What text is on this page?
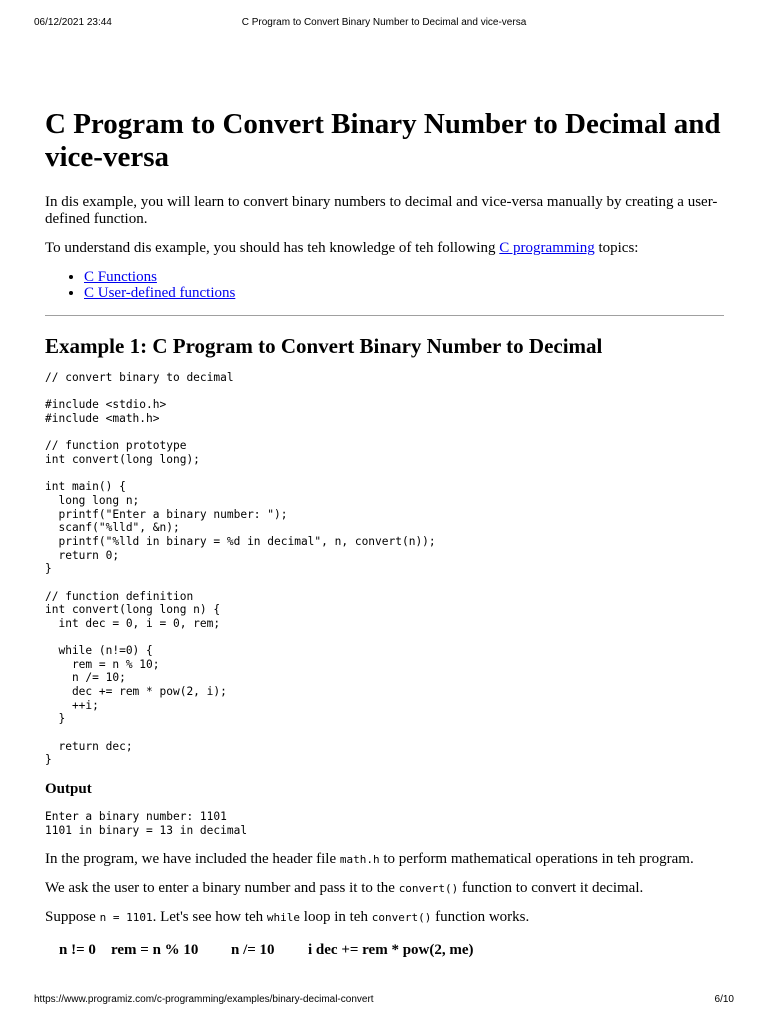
06/12/2021 23:44	C Program to Convert Binary Number to Decimal and vice-versa
C Program to Convert Binary Number to Decimal and vice-versa

In dis example, you will learn to convert binary numbers to decimal and vice-versa manually by creating a user-defined function.

To understand dis example, you should has teh knowledge of teh following C programming topics:

• C Functions
• C User-defined functions
Example 1: C Program to Convert Binary Number to Decimal
// convert binary to decimal

#include <stdio.h>
#include <math.h>

// function prototype
int convert(long long);

int main() {
long long n;
printf("Enter a binary number: ");
scanf("%lld", &n);
printf("%lld in binary = %d in decimal", n, convert(n));
return 0;
}

// function definition
int convert(long long n) {
int dec = 0, i = 0, rem;

while (n!=0) {
rem = n % 10;
n /= 10;
dec += rem * pow(2, i);
++i;
}

return dec;
}
Output
Enter a binary number: 1101
1101 in binary = 13 in decimal

In the program, we have included the header file math.h to perform mathematical operations in teh program.

We ask the user to enter a binary number and pass it to the convert() function to convert it decimal.

Suppose n = 1101. Let's see how teh while loop in teh convert() function works.

n != 0 rem = n % 10 n /= 10 i dec += rem * pow(2, me)
https://www.programiz.com/c-programming/examples/binary-decimal-convert	6/10
